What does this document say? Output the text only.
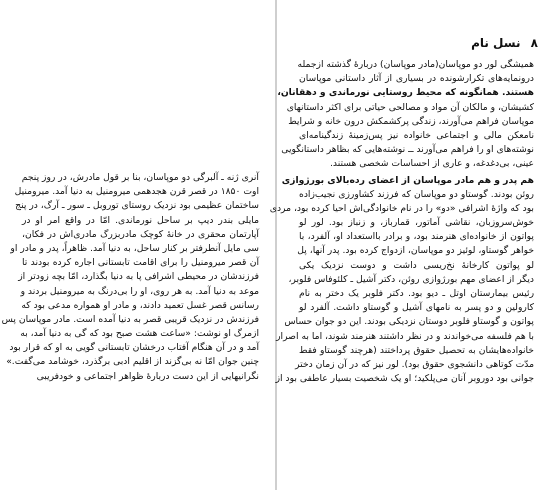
آنری ژنه ـ آلبرگی دو موپاسان، بنا بر قول مادرش، در روز پنجم
اوت ۱۸۵۰ در قصر قرن هجدهمی میرومنیل به دنیا آمد. میرومنیل
ساختمان عظیمی بود نزدیک روستای توروبل ـ سور ـ آرگ، در پنج
مایلی بندر دیپ بر ساحل نورماندی. امّا در واقع امر او در
آپارتمان محقری در خانۀ کوچک مادربزرگ مادری‌اش در فکان،
سی مایل آنطرفتر بر کنار ساحل، به دنیا آمد. ظاهراً، پدر و مادر او
آن قصر میرومنیل را برای اقامت تابستانی اجاره کرده بودند تا
فرزندشان در محیطی اشرافی پا به دنیا بگذارد، امّا بچه زودتر از
موعد به دنیا آمد. به هر روی، او را بی‌درنگ به میرومنیل بردند و
رسانس قصر غسل تعمید دادند، و مادر او همواره مدعی بود که
فرزندش در نزدیک قریبی قصر به دنیا آمده است. مادر موپاسان پس
ازمرگ او نوشت: «ساعت هشت صبح بود که گی به دنیا آمد، به
آمد و در آن هنگام آفتاب درخشان تابستانی گویی به او که قرار بود
چنین جوان امّا نه بی‌گزند از اقلیم ادبی برگذرد، خوشامد می‌گفت.»
نگرانیهایی از این دست دربارۀ ظواهر اجتماعی و خودفریبی
۸ نسل نام
همیشگی لور دو موپاسان(مادر موپاسان) دربارۀ گذشته ازجمله
درونمایه‌های تکرارشونده در بسیاری از آثار داستانی موپاسان
هستند. همانگونه که محیط روستایی نورماندی و دهقانان،
کشیشان، و مالکان آن مواد و مصالحی حیاتی برای اکثر داستانهای
موپاسان فراهم می‌آورند، زندگی پرکشمکش درون خانه و شرایط
نامعکن مالی و اجتماعی خانواده نیز پس‌زمینۀ زندگینامه‌ای
نوشته‌های او را فراهم می‌آورند ــ نوشته‌هایی که بظاهر داستانگویی
عینی، بی‌دغدغه، و عاری از احساسات شخصی هستند.
هم پدر و هم مادر موپاسان از اعضای رده‌بالای بورژوازی
روئن بودند. گوستاو دو موپاسان که فرزند کشاورزی نجیب‌زاده
بود که واژۀ اشرافی «دو» را در نام خانوادگی‌اش احیا کرده بود، مردی
خوش‌سروزبان، نقاشی آماتور، قمارباز، و زنباز بود. لور لو
پواتون از خانواده‌ای هنرمند بود، و برادر بااستعداد او، آلفرد، با
خواهر گوستاو، لوئیز دو موپاسان، ازدواج کرده بود. پدر آنها، پل
لو پواتون کارخانۀ نخ‌ریسی داشت و دوست نزدیک یکی
دیگر از اعضای مهم بورژوازی روئن، دکتر آشیل ـ کلئوفاس فلوبر،
رئیس بیمارستان اوتل ـ دیو بود. دکتر فلوبر یک دختر به نام
کارولین و دو پسر به نامهای آشیل و گوستاو داشت. آلفرد لو
پواتون و گوستاو فلوبر دوستان نزدیکی بودند. این دو جوان حساس
با هم فلسفه می‌خواندند و در نظر داشتند هنرمند شوند، اما به اصرار
خانواده‌هایشان به تحصیل حقوق پرداختند (هرچند گوستاو فقط
مدّت کوتاهی دانشجوی حقوق بود). لور نیز که در آن زمان دختر
جوانی بود دوروبر آنان می‌پلکید؛ او یک شخصیت بسیار عاطفی بود از
